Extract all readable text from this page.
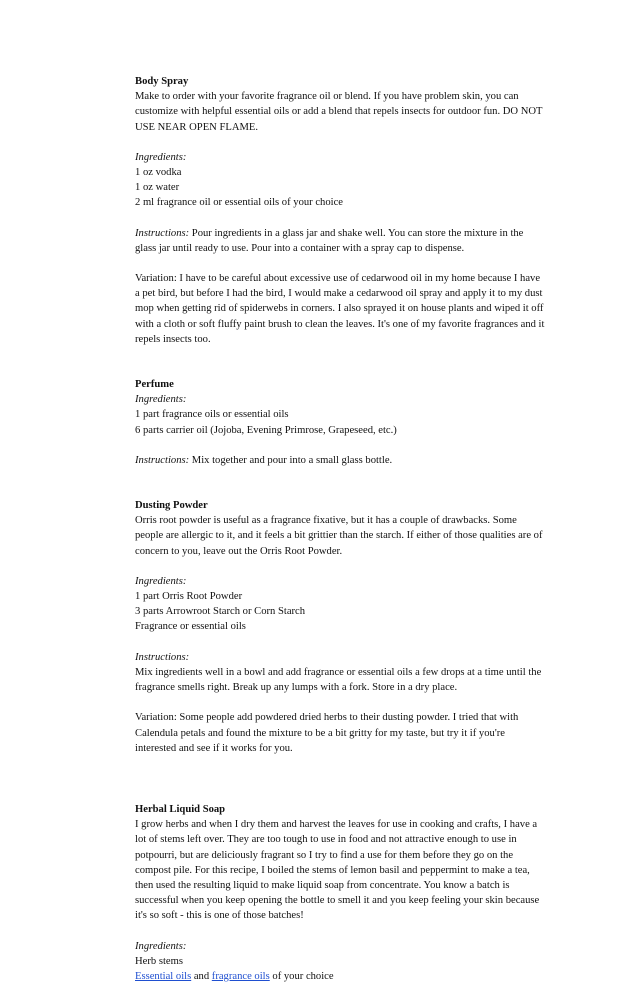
Body Spray

Make to order with your favorite fragrance oil or blend. If you have problem skin, you can customize with helpful essential oils or add a blend that repels insects for outdoor fun. DO NOT USE NEAR OPEN FLAME.

Ingredients:

1 oz vodka

1 oz water

2 ml fragrance oil or essential oils of your choice

Instructions: Pour ingredients in a glass jar and shake well. You can store the mixture in the glass jar until ready to use. Pour into a container with a spray cap to dispense.

Variation: I have to be careful about excessive use of cedarwood oil in my home because I have a pet bird, but before I had the bird, I would make a cedarwood oil spray and apply it to my dust mop when getting rid of spiderwebs in corners. I also sprayed it on house plants and wiped it off with a cloth or soft fluffy paint brush to clean the leaves. It's one of my favorite fragrances and it repels insects too.

Perfume

Ingredients:

1 part fragrance oils or essential oils

6 parts carrier oil (Jojoba, Evening Primrose, Grapeseed, etc.)

Instructions: Mix together and pour into a small glass bottle.

Dusting Powder

Orris root powder is useful as a fragrance fixative, but it has a couple of drawbacks. Some people are allergic to it, and it feels a bit grittier than the starch. If either of those qualities are of concern to you, leave out the Orris Root Powder.

Ingredients:

1 part Orris Root Powder

3 parts Arrowroot Starch or Corn Starch

Fragrance or essential oils

Instructions:

Mix ingredients well in a bowl and add fragrance or essential oils a few drops at a time until the fragrance smells right. Break up any lumps with a fork. Store in a dry place.

Variation: Some people add powdered dried herbs to their dusting powder. I tried that with Calendula petals and found the mixture to be a bit gritty for my taste, but try it if you're interested and see if it works for you.

Herbal Liquid Soap

I grow herbs and when I dry them and harvest the leaves for use in cooking and crafts, I have a lot of stems left over. They are too tough to use in food and not attractive enough to use in potpourri, but are deliciously fragrant so I try to find a use for them before they go on the compost pile. For this recipe, I boiled the stems of lemon basil and peppermint to make a tea, then used the resulting liquid to make liquid soap from concentrate. You know a batch is successful when you keep opening the bottle to smell it and you keep feeling your skin because it's so soft - this is one of those batches!

Ingredients:

Herb stems

Essential oils and fragrance oils of your choice
